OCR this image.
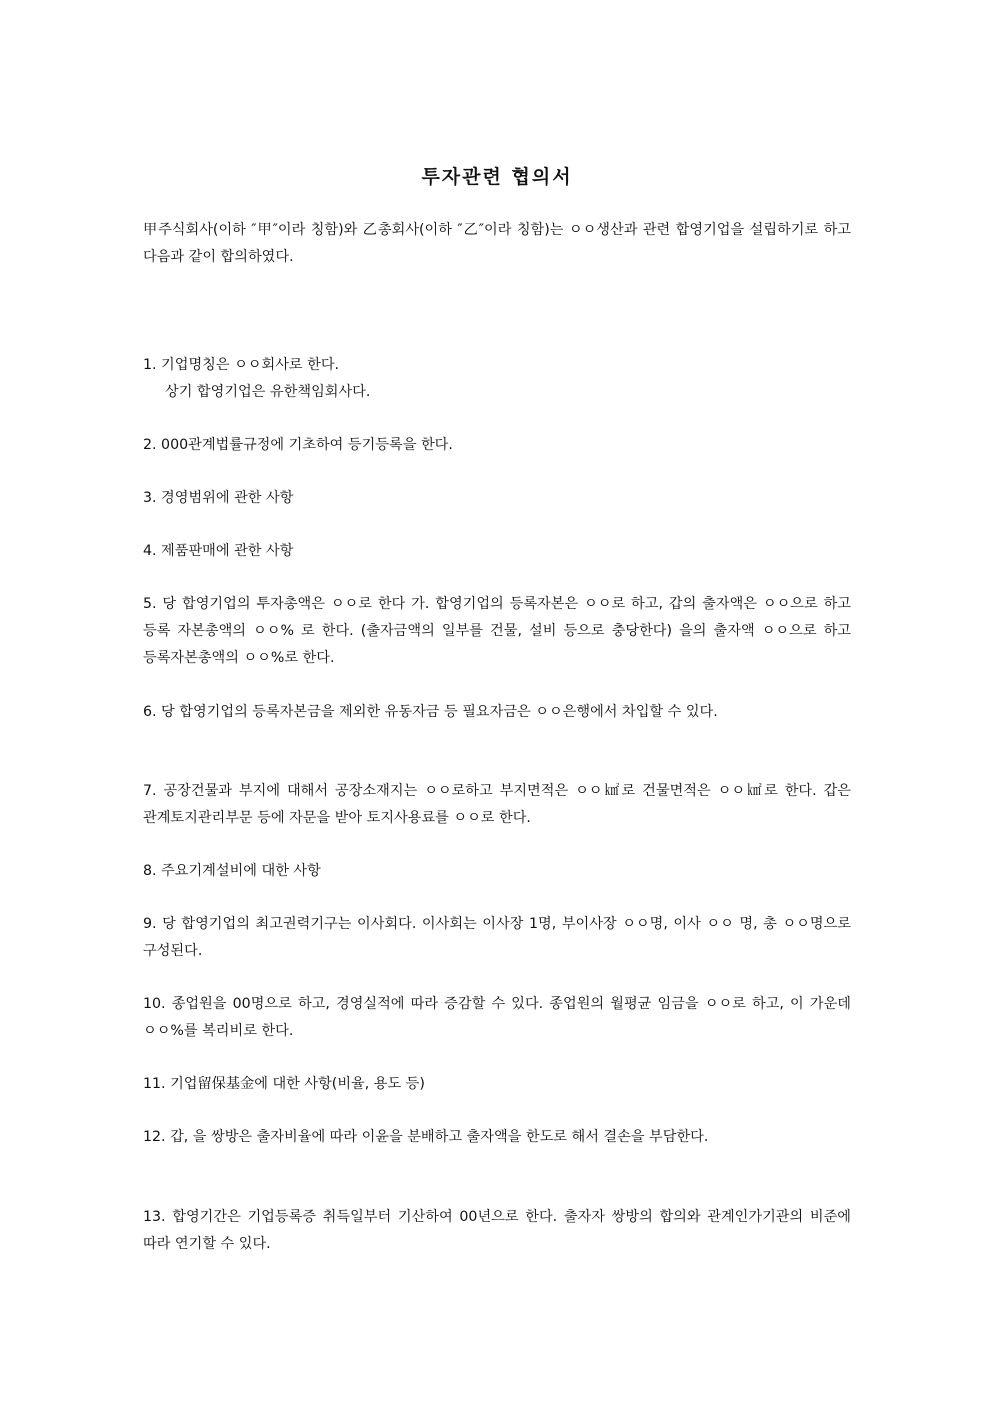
투자관련 협의서
甲주식회사(이하 ″甲″이라 칭함)와 乙총회사(이하 ″乙″이라 칭함)는 ㅇㅇ생산과 관련 합영기업을 설립하기로 하고 다음과 같이 합의하였다.
1. 기업명칭은 ㅇㅇ회사로 한다.
상기 합영기업은 유한책임회사다.
2. 000관계법률규정에 기초하여 등기등록을 한다.
3. 경영범위에 관한 사항
4. 제품판매에 관한 사항
5. 당 합영기업의 투자총액은 ㅇㅇ로 한다 가. 합영기업의 등록자본은 ㅇㅇ로 하고, 갑의 출자액은 ㅇㅇ으로 하고 등록 자본총액의 ㅇㅇ% 로 한다. (출자금액의 일부를 건물, 설비 등으로 충당한다) 을의 출자액 ㅇㅇ으로 하고 등록자본총액의 ㅇㅇ%로 한다.
6. 당 합영기업의 등록자본금을 제외한 유동자금 등 필요자금은 ㅇㅇ은행에서 차입할 수 있다.
7. 공장건물과 부지에 대해서 공장소재지는 ㅇㅇ로하고 부지면적은 ㅇㅇ㎢로 건물면적은 ㅇㅇ㎢로 한다. 갑은 관계토지관리부문 등에 자문을 받아 토지사용료를 ㅇㅇ로 한다.
8. 주요기계설비에 대한 사항
9. 당 합영기업의 최고권력기구는 이사회다. 이사회는 이사장 1명, 부이사장 ㅇㅇ명, 이사 ㅇㅇ 명, 총 ㅇㅇ명으로 구성된다.
10. 종업원을 00명으로 하고, 경영실적에 따라 증감할 수 있다. 종업원의 월평균 임금을 ㅇㅇ로 하고, 이 가운데 ㅇㅇ%를 복리비로 한다.
11. 기업留保基金에 대한 사항(비율, 용도 등)
12. 갑, 을 쌍방은 출자비율에 따라 이윤을 분배하고 출자액을 한도로 해서 결손을 부담한다.
13. 합영기간은 기업등록증 취득일부터 기산하여 00년으로 한다. 출자자 쌍방의 합의와 관계인가기관의 비준에 따라 연기할 수 있다.
